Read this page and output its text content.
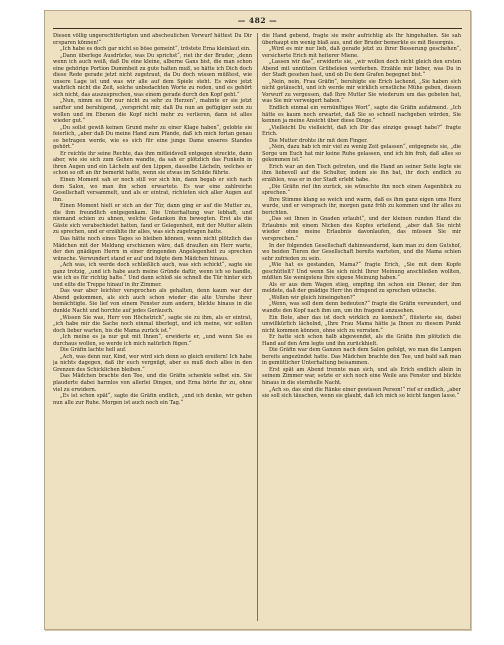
— 482 —

Diesen völlig ungerechtfertigten und abscheulichen Vorwurf hättest Du Dir ersparen können!“

„Ich habe es doch gar nicht so böse gemeint“, tröstete Erna kleinlaut ein.

„Dann überlege Ausdrücke, was Du sprichst“, riet ihr der Bruder, „denn wenn ich auch weiß, daß Du eine kleine, alberne Gans bist, die man schon eine gehörige Portion Dummheit zu gute halten muß, so hätte ich Dich doch diese Rede gerade jetzt nicht zugetraut, da Du doch wissen müßtest, wie unsere Lage ist und was wir alle auf dem Spiele steht. Es wäre jetzt wahrlich nicht die Zeit, solche unbedachten Worte zu reden, und es gehört sich nicht, das auszusprechen, was einem gerade durch den Kopf geht.“

„Nun, nimm es Dir nur nicht zu sehr zu Herzen“, mahnte er sie jetzt sanfter und beruhigend, „verspricht mir, daß Du nun an gefügiger sein zu wollen und im Ebenen die Kopf nicht mehr zu verlieren, dann ist alles wieder gut.“

„Du sollst gewiß keinen Grund mehr zu einer Klage haben“, gelobte sie feierlich, „aber daß Du meine Hand zum Pfande, daß ich mich fortan genau so betragen werde, wie es sich für eine junge Dame unseres Standes gehört.“

Er reichte ihr seine Rechte, das ihm mitleidsvoll entgegen streckte, dann aber, wie sie sich zum Gehen wandte, da sah er plötzlich das Funkeln in ihren Augen und ein Lächeln auf den Lippen, dasselbe Lächeln, welches er schon so oft an ihr bemerkt hatte, wenn sie etwas im Schilde führte.

Einen Moment sah er noch still vor sich hin, dann begab er sich nach dem Salon, wo man ihn schon erwartete. Es war eine zahlreiche Gesellschaft versammelt, und als er eintrat, richteten sich aller Augen auf ihn.

Einen Moment hielt er sich an der Tür, dann ging er auf die Mutter zu, die ihm freundlich entgegenkam. Die Unterhaltung war lebhaft, und niemand schien zu ahnen, welche Gedanken ihn bewegten. Erst als die Gäste sich verabschiedet hatten, fand er Gelegenheit, mit der Mutter allein zu sprechen, und er erzählte ihr alles, was sich zugetragen hatte.

Das hätte noch eines Tages so bleiben können, wenn nicht plötzlich das Mädchen mit der Meldung erschienen wäre, daß draußen ein Herr warte, der den gnädigen Herrn in einer dringenden Angelegenheit zu sprechen wünsche. Verwundert stand er auf und folgte dem Mädchen hinaus.

„Ach was, ich werde doch schließlich auch, was sich schickt“, sagte sie ganz trotzig, „und ich habe auch meine Gründe dafür, wenn ich so handle, wie ich es für richtig halte.“ Und dann schloß sie schnell die Tür hinter sich und eilte die Treppe hinauf in ihr Zimmer.

Das war aber leichter versprochen als gehalten, denn kaum war der Abend gekommen, als sich auch schon wieder die alte Unruhe ihrer bemächtigte. Sie lief von einem Fenster zum andern, blickte hinaus in die dunkle Nacht und horchte auf jedes Geräusch.

„Wissen Sie was, Herr von Höchstrich“, sagte sie zu ihm, als er eintrat, „ich habe mir die Sache noch einmal überlegt, und ich meine, wir sollten doch lieber warten, bis die Mama zurück ist.“

„Ich meine es ja nur gut mit Ihnen“, erwiderte er, „und wenn Sie es durchaus wollen, so werde ich mich natürlich fügen.“

Die Gräfin lachte hell auf.

„Ach, was denn nur, Kind, wer wird sich denn so gleich ereifern! Ich habe ja nichts dagegen, daß ihr euch vergnügt, aber es muß doch alles in den Grenzen des Schicklichen bleiben.“

Das Mädchen brachte den Tee, und die Gräfin schenkte selbst ein. Sie plauderte dabei harmlos von allerlei Dingen, und Erna hörte ihr zu, ohne viel zu erwidern.

„Es ist schon spät“, sagte die Gräfin endlich, „und ich denke, wir gehen nun alle zur Ruhe. Morgen ist auch noch ein Tag.“

die Hand gebend, fragte sie mehr aufrichtig als Ihr hingehalten. Sie sah überhaupt ein wenig blaß aus, und der Bruder bemerkte es mit Besorgnis.

„Wird es mir nur lieb, daß gerade jetzt zu ihrer Besserung geschehen“, versicherte Erich mit heiterer Miene.

„Lassen wir das“, erwiderte sie, „wir wollen doch nicht gleich den ersten Abend mit unnützen Grübeleien verderben. Erzähle mir lieber, was Du in der Stadt gesehen hast, und ob Du dem Grafen begegnet bist.“

„Nein, nein, Frau Gräfin“, beruhigte sie Erich lachend, „Sie haben sich nicht getäuscht, und ich werde mir wirklich ernstliche Mühe geben, diesen Vorwurf zu vergessen, daß Ihre Mutter Sie wiederum um das gebeten hat, was Sie mir verweigert haben.“

Endlich einmal ein vernünftiges Wort“, sagte die Gräfin aufatmend. „Ich hätte es kaum noch erwartet, daß Sie so schnell nachgeben würden, Sie kennen ja meine Ansicht über diese Dinge.“

„Vielleicht Du vielleicht, daß ich Dir das einzige gesagt habe?“ fragte Erich.

Die Mutter drohte ihr mit dem Finger.

„Nein, dazu hab ich mir viel zu wenig Zeit gelassen“, entgegnete sie, „die Sorge um Euch hat mir keine Ruhe gelassen, und ich bin froh, daß alles so gekommen ist.“

Erich war an den Tisch getreten, und die Hand an seiner Seite legte sie ihm liebevoll auf die Schulter, indem sie ihn bat, ihr doch endlich zu erzählen, was er in der Stadt erlebt habe.

„Die Gräfin rief ihn zurück, sie wünschte ihn noch einen Augenblick zu sprechen.“

Ihre Stimme klang so weich und warm, daß es ihm ganz eigen ums Herz wurde, und er versprach ihr, morgen ganz früh zu kommen und ihr alles zu berichten.

„Das sei Ihnen in Gnaden erlaubt“, und der kleinen runden Hand die Erlaubnis mit einem Nicken des Kopfes erteilend, „aber daß Sie nicht wieder ohne meine Erlaubnis davonlaufen, das müssen Sie mir versprechen.“

In der folgenden Gesellschaft dahinwandernd, kam man zu dem Gutshof, wo beiden Tieren der Gesellschaft bereits warteten, und die Mama schien sehr zufrieden zu sein.

„Wie hat es gestanden, Mama?“ fragte Erich, „Sie mit dem Kopfe geschüttelt? Und wenn Sie sich nicht Ihrer Meinung anschließen wollten, müßten Sie wenigstens Ihre eigene Meinung haben.“

Als er aus dem Wagen stieg, empfing ihn schon ein Diener, der ihm meldete, daß der gnädige Herr ihn dringend zu sprechen wünsche.

„Wollen wir gleich hineingehen?“

„Wenn, was soll dem denn bedeuten?“ fragte die Gräfin verwundert, und wandte den Kopf nach ihm um, um ihn fragend anzusehen.

Ein Bote, aber das ist doch wirklich zu komisch“, flüsterte sie, dabei unwillkürlich lächelnd, „Ihre Frau Mama hätte ja Ihnen zu diesem Punkt nicht kommen können, ohne sich zu verraten.“

Er hatte sich schon halb abgewendet, als die Gräfin ihm plötzlich die Hand auf den Arm legte und ihn zurückhielt.

Die Gräfin war dem Ganzen nach dem Salon gefolgt, wo man die Lampen bereits angezündet hatte. Das Mädchen brachte den Tee, und bald saß man in gemütlicher Unterhaltung beisammen.

Erst spät am Abend trennte man sich, und als Erich endlich allein in seinem Zimmer war, setzte er sich noch eine Weile ans Fenster und blickte hinaus in die sternhelle Nacht.

„Ach so, das sind die Ränke einer gewissen Person!“ rief er endlich, „aber sie soll sich täuschen, wenn sie glaubt, daß ich mich so leicht fangen lasse.“
